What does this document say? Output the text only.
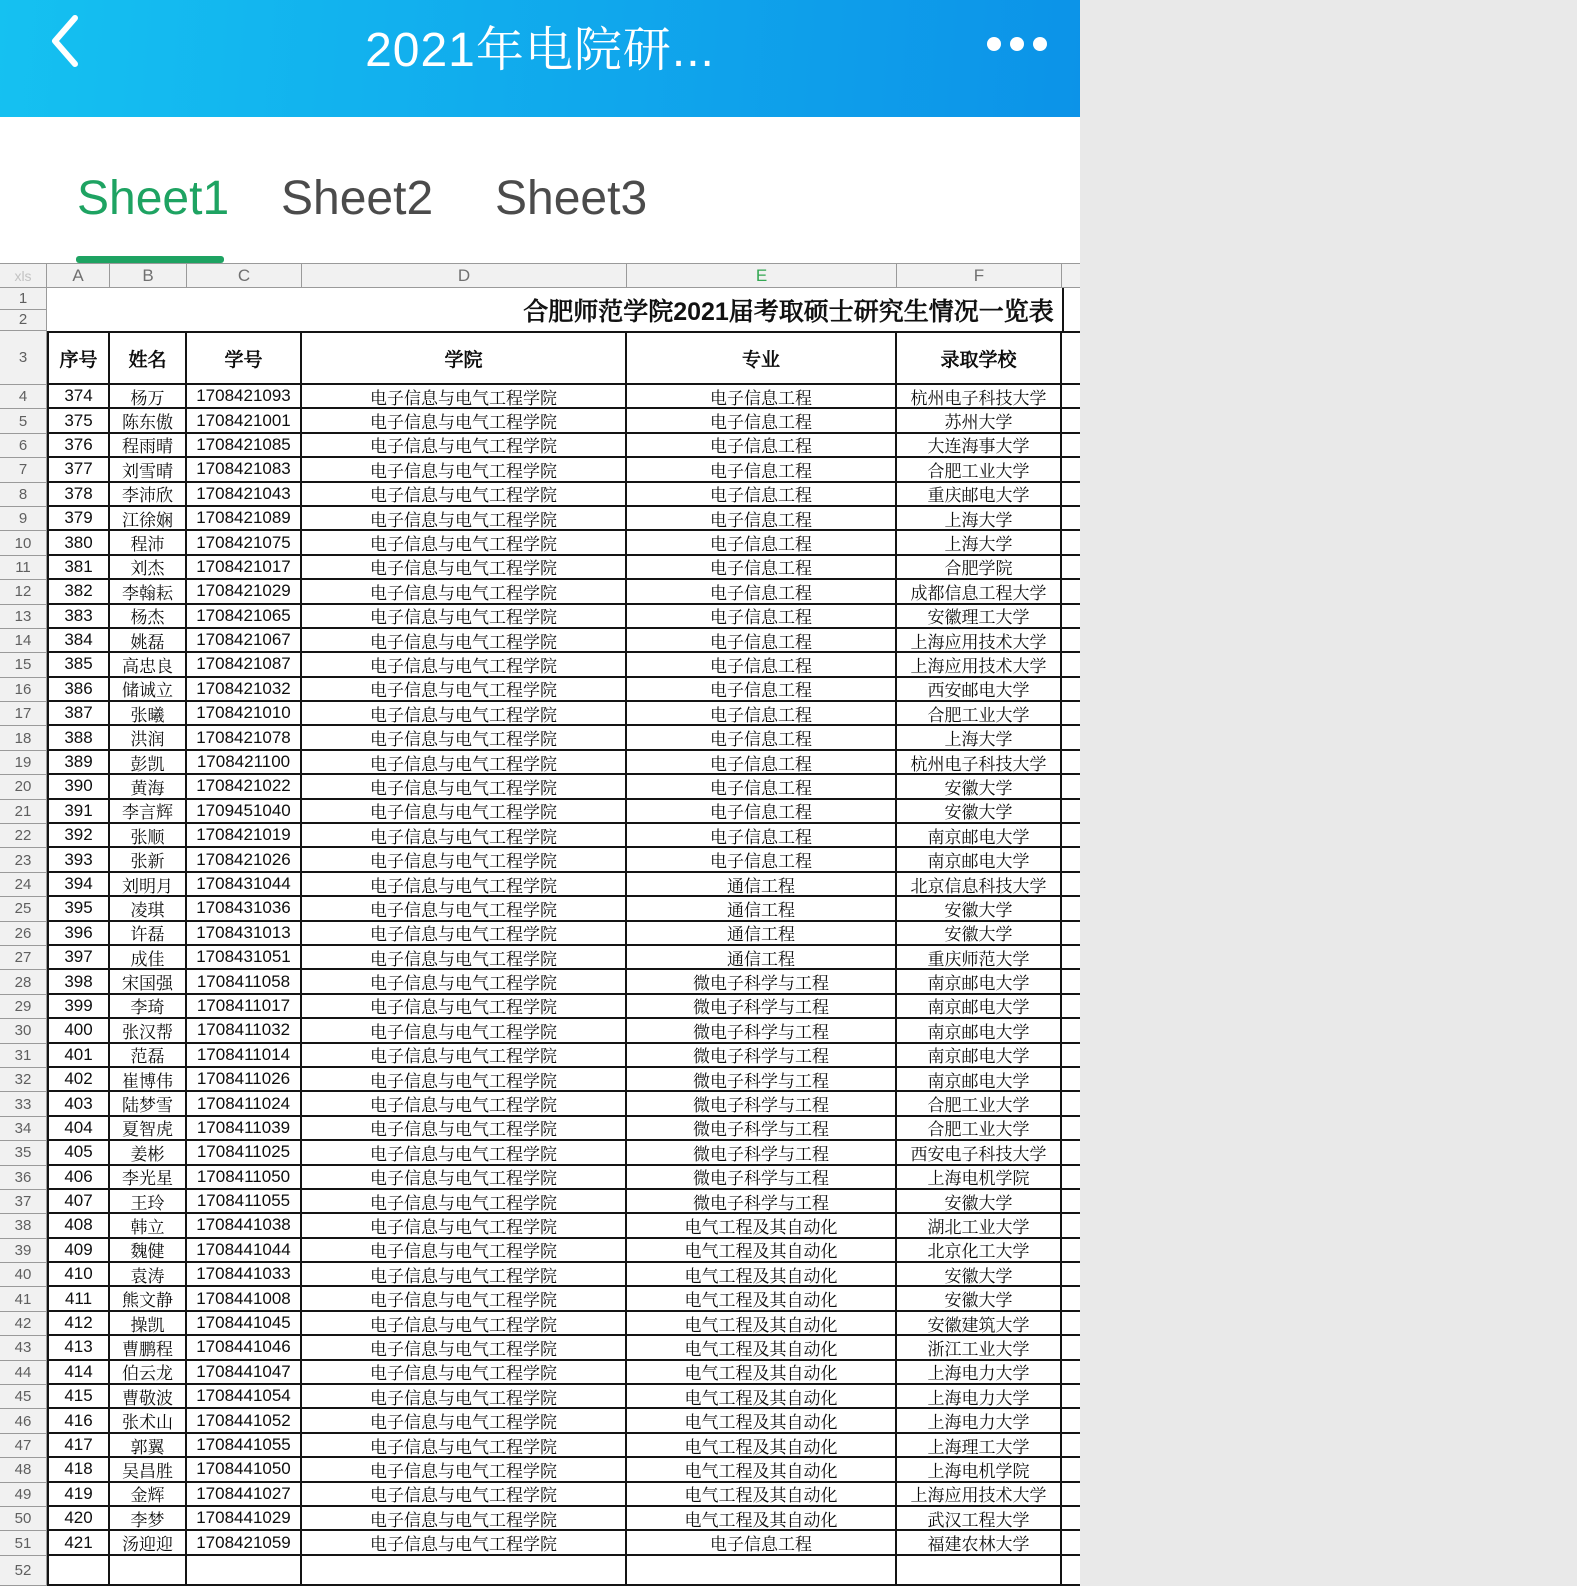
2021年电院研...
Sheet1 Sheet2 Sheet3
xls	A	B	C	D	E	F
1
2	合肥师范学院2021届考取硕士研究生情况一览表
3	序号	姓名	学号	学院	专业	录取学校
4	374	杨万	1708421093	电子信息与电气工程学院	电子信息工程	杭州电子科技大学
5	375	陈东傲	1708421001	电子信息与电气工程学院	电子信息工程	苏州大学
6	376	程雨晴	1708421085	电子信息与电气工程学院	电子信息工程	大连海事大学
7	377	刘雪晴	1708421083	电子信息与电气工程学院	电子信息工程	合肥工业大学
8	378	李沛欣	1708421043	电子信息与电气工程学院	电子信息工程	重庆邮电大学
9	379	江徐娴	1708421089	电子信息与电气工程学院	电子信息工程	上海大学
10	380	程沛	1708421075	电子信息与电气工程学院	电子信息工程	上海大学
11	381	刘杰	1708421017	电子信息与电气工程学院	电子信息工程	合肥学院
12	382	李翰耘	1708421029	电子信息与电气工程学院	电子信息工程	成都信息工程大学
13	383	杨杰	1708421065	电子信息与电气工程学院	电子信息工程	安徽理工大学
14	384	姚磊	1708421067	电子信息与电气工程学院	电子信息工程	上海应用技术大学
15	385	高忠良	1708421087	电子信息与电气工程学院	电子信息工程	上海应用技术大学
16	386	储诚立	1708421032	电子信息与电气工程学院	电子信息工程	西安邮电大学
17	387	张曦	1708421010	电子信息与电气工程学院	电子信息工程	合肥工业大学
18	388	洪润	1708421078	电子信息与电气工程学院	电子信息工程	上海大学
19	389	彭凯	1708421100	电子信息与电气工程学院	电子信息工程	杭州电子科技大学
20	390	黄海	1708421022	电子信息与电气工程学院	电子信息工程	安徽大学
21	391	李言辉	1709451040	电子信息与电气工程学院	电子信息工程	安徽大学
22	392	张顺	1708421019	电子信息与电气工程学院	电子信息工程	南京邮电大学
23	393	张新	1708421026	电子信息与电气工程学院	电子信息工程	南京邮电大学
24	394	刘明月	1708431044	电子信息与电气工程学院	通信工程	北京信息科技大学
25	395	凌琪	1708431036	电子信息与电气工程学院	通信工程	安徽大学
26	396	许磊	1708431013	电子信息与电气工程学院	通信工程	安徽大学
27	397	成佳	1708431051	电子信息与电气工程学院	通信工程	重庆师范大学
28	398	宋国强	1708411058	电子信息与电气工程学院	微电子科学与工程	南京邮电大学
29	399	李琦	1708411017	电子信息与电气工程学院	微电子科学与工程	南京邮电大学
30	400	张汉帮	1708411032	电子信息与电气工程学院	微电子科学与工程	南京邮电大学
31	401	范磊	1708411014	电子信息与电气工程学院	微电子科学与工程	南京邮电大学
32	402	崔博伟	1708411026	电子信息与电气工程学院	微电子科学与工程	南京邮电大学
33	403	陆梦雪	1708411024	电子信息与电气工程学院	微电子科学与工程	合肥工业大学
34	404	夏智虎	1708411039	电子信息与电气工程学院	微电子科学与工程	合肥工业大学
35	405	姜彬	1708411025	电子信息与电气工程学院	微电子科学与工程	西安电子科技大学
36	406	李光星	1708411050	电子信息与电气工程学院	微电子科学与工程	上海电机学院
37	407	王玲	1708411055	电子信息与电气工程学院	微电子科学与工程	安徽大学
38	408	韩立	1708441038	电子信息与电气工程学院	电气工程及其自动化	湖北工业大学
39	409	魏健	1708441044	电子信息与电气工程学院	电气工程及其自动化	北京化工大学
40	410	袁涛	1708441033	电子信息与电气工程学院	电气工程及其自动化	安徽大学
41	411	熊文静	1708441008	电子信息与电气工程学院	电气工程及其自动化	安徽大学
42	412	操凯	1708441045	电子信息与电气工程学院	电气工程及其自动化	安徽建筑大学
43	413	曹鹏程	1708441046	电子信息与电气工程学院	电气工程及其自动化	浙江工业大学
44	414	伯云龙	1708441047	电子信息与电气工程学院	电气工程及其自动化	上海电力大学
45	415	曹敬波	1708441054	电子信息与电气工程学院	电气工程及其自动化	上海电力大学
46	416	张术山	1708441052	电子信息与电气工程学院	电气工程及其自动化	上海电力大学
47	417	郭翼	1708441055	电子信息与电气工程学院	电气工程及其自动化	上海理工大学
48	418	吴昌胜	1708441050	电子信息与电气工程学院	电气工程及其自动化	上海电机学院
49	419	金辉	1708441027	电子信息与电气工程学院	电气工程及其自动化	上海应用技术大学
50	420	李梦	1708441029	电子信息与电气工程学院	电气工程及其自动化	武汉工程大学
51	421	汤迎迎	1708421059	电子信息与电气工程学院	电子信息工程	福建农林大学
52
